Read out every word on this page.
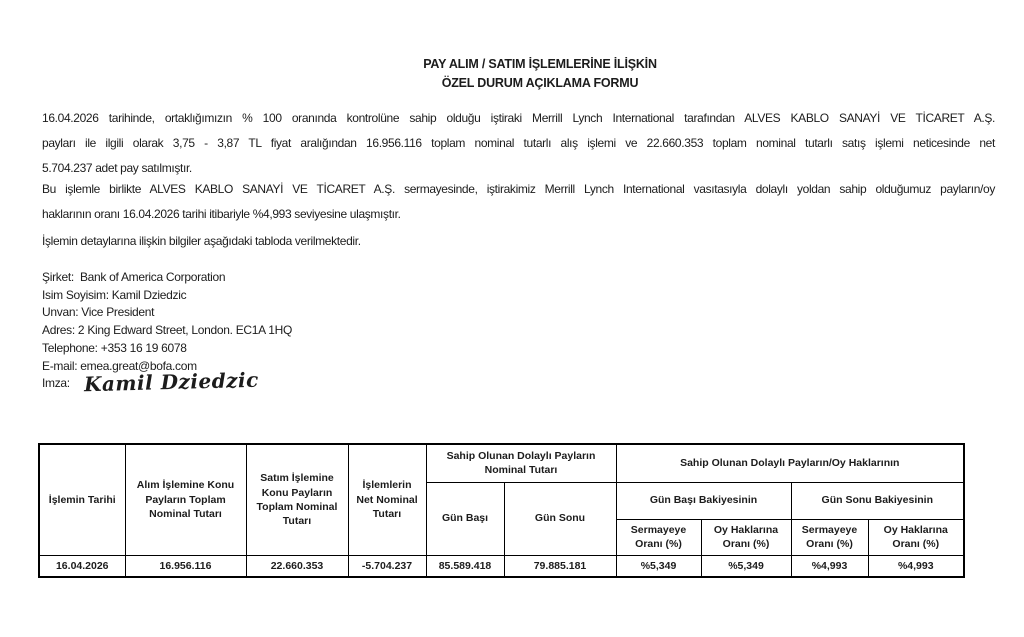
PAY ALIM / SATIM İŞLEMLERİNE İLİŞKİN
ÖZEL DURUM AÇIKLAMA FORMU
16.04.2026 tarihinde, ortaklığımızın % 100 oranında kontrolüne sahip olduğu iştiraki Merrill Lynch International tarafından ALVES KABLO SANAYİ VE TİCARET A.Ş.
payları ile ilgili olarak 3,75 - 3,87 TL fiyat aralığından 16.956.116 toplam nominal tutarlı alış işlemi ve 22.660.353 toplam nominal tutarlı satış işlemi neticesinde net
5.704.237 adet pay satılmıştır.
Bu işlemle birlikte ALVES KABLO SANAYİ VE TİCARET A.Ş. sermayesinde, iştirakimiz Merrill Lynch International vasıtasıyla dolaylı yoldan sahip olduğumuz payların/oy
haklarının oranı 16.04.2026 tarihi itibariyle %4,993 seviyesine ulaşmıştır.
İşlemin detaylarına ilişkin bilgiler aşağıdaki tabloda verilmektedir.
Şirket:  Bank of America Corporation
Isim Soyisim: Kamil Dziedzic
Unvan: Vice President
Adres: 2 King Edward Street, London. EC1A 1HQ
Telephone: +353 16 19 6078
E-mail: emea.great@bofa.com
Imza: Kamil Dziedzic
İşlemin Tarihi	Alım İşlemine Konu Payların Toplam Nominal Tutarı	Satım İşlemine Konu Payların Toplam Nominal Tutarı	İşlemlerin Net Nominal Tutarı	Sahip Olunan Dolaylı Payların Nominal Tutarı		Sahip Olunan Dolaylı Payların/Oy Haklarının			
				Gün Başı	Gün Sonu	Gün Başı Bakiyesinin		Gün Sonu Bakiyesinin	
						Sermayeye Oranı (%)	Oy Haklarına Oranı (%)	Sermayeye Oranı (%)	Oy Haklarına Oranı (%)
16.04.2026	16.956.116	22.660.353	-5.704.237	85.589.418	79.885.181	%5,349	%5,349	%4,993	%4,993
